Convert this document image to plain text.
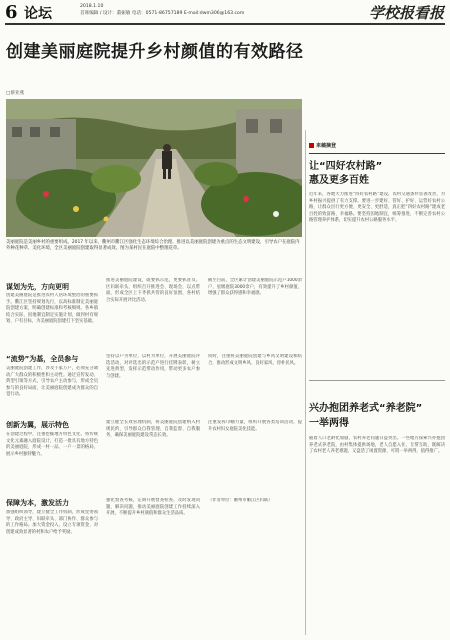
6 论坛	2018.1.10
首席编辑 / 设计：董振敏 电话：0571-86757189 E-mail:dwm306@163.com	学校报看报
创建美丽庭院提升乡村颜值的有效路径
□蔡亚燕
美丽庭院是美丽乡村的重要组成。2017 年以来，衢州市衢江区强化生态环境综合治理，推进以美丽庭院创建为重点的生态文明建设，引导农户在庭院内外种花种草、美化环境，全区美丽庭院创建取得显著成效。图为某村民在庭院中整理花草。
谋划为先，方向更明
创建美丽庭院是推进农村人居环境整治的重要抓手。衢江区坚持规划先行，以高标准制定美丽庭院创建方案，明确创建标准和考核细则。各乡镇结合实际，因地制宜制定实施计划，做到村有规划、户有目标，为美丽庭院创建打下坚实基础。
推进美丽庭院建设，既要抓示范，更要抓普及。区妇联牵头，组织召开推进会、现场会，以点带面，形成全区上下齐抓共管的良好氛围，各村结合实际开展评比活动。
截至目前，全区累计创建美丽庭院示范户1000余户，星级庭院3000余户，有效提升了乡村颜值，增强了群众获得感和幸福感。
“流势”为基，全员参与
美丽庭院创建工作，涉及千家万户，必须充分调动广大群众的积极性和主动性。通过宣传发动、典型引领等方式，引导农户主动参与，形成全员参与的良好局面，让美丽庭院创建成为群众的自觉行动。
坚持以户为单位，以村为单位，开展美丽庭院评选活动，对评选出的示范户进行挂牌表彰，树立先进典型，发挥示范带动作用，带动更多农户参与创建。
同时，注重将美丽庭院创建与乡风文明建设相结合，推动形成文明乡风、良好家风、淳朴民风。
创新为翼，展示特色
在创建过程中，注重挖掘地方特色文化，将传统文化元素融入庭院设计，打造一批具有地方特色的美丽庭院，形成一村一品、一户一景的格局，展示乡村独特魅力。
建立健全长效管理机制，将美丽庭院创建纳入村规民约，引导群众自我管理、自我监督、自我服务，确保美丽庭院建设常态长效。
注重发挥巾帼力量，组织开展各类培训活动，提升农村妇女庭院美化技能。
保障为本，激发活力
加强组织领导，建立健全工作机制，形成党委领导、政府主导、妇联牵头、部门协作、群众参与的工作格局。加大资金投入，设立专项资金，对创建成效显著的村和农户给予奖励。
强化督查考核，定期开展督查检查，及时发现问题、解决问题，推动美丽庭院创建工作持续深入开展，不断提升乡村颜值和群众生活品质。
（作者单位：衢州市衢江区妇联）
来稿摘登
让“四好农村路”
惠及更多百姓
近年来，各地大力推进“四好农村路”建设，农村交通条件显著改善，为乡村振兴提供了有力支撑。要进一步建好、管好、护好、运营好农村公路，让群众出行更方便、更安全、更舒适，真正把“四好农村路”建成老百姓的致富路、幸福路。要坚持因地制宜，统筹推进，不断完善农村公路管理养护体系，切实提升农村公路服务水平。
兴办抱团养老式“养老院”
一举两得
随着人口老龄化加剧，农村养老问题日益突出。一些地方探索兴办抱团养老式养老院，由村集体提供场地，老人自愿入住、互帮互助，既解决了农村老人养老难题，又盘活了闲置资源，可谓一举两得，值得推广。
